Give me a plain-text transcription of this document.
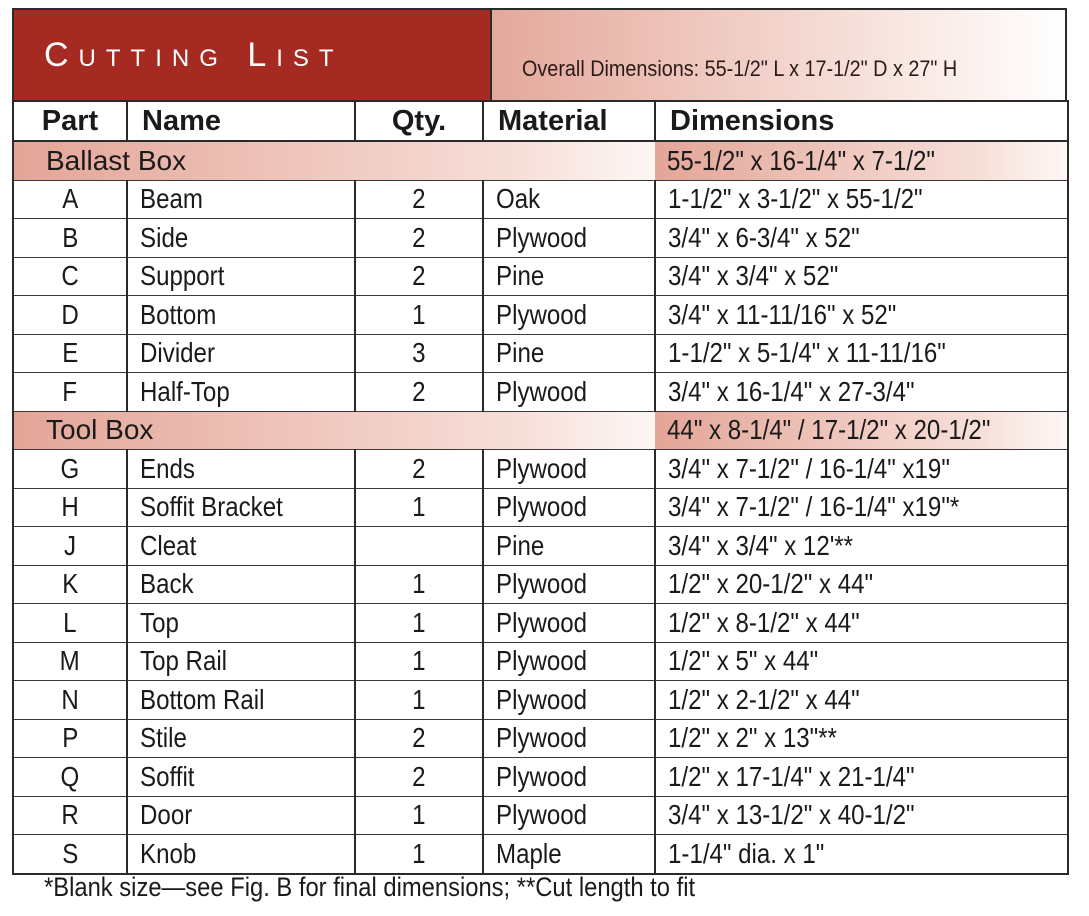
Cutting List	Overall Dimensions: 55-1/2" L x 17-1/2" D x 27" H
Part	Name	Qty.	Material	Dimensions
Ballast Box				55-1/2" x 16-1/4" x 7-1/2"
A	Beam	2	Oak	1-1/2" x 3-1/2" x 55-1/2"
B	Side	2	Plywood	3/4" x 6-3/4" x 52"
C	Support	2	Pine	3/4" x 3/4" x 52"
D	Bottom	1	Plywood	3/4" x 11-11/16" x 52"
E	Divider	3	Pine	1-1/2" x 5-1/4" x 11-11/16"
F	Half-Top	2	Plywood	3/4" x 16-1/4" x 27-3/4"
Tool Box				44" x 8-1/4" / 17-1/2" x 20-1/2"
G	Ends	2	Plywood	3/4" x 7-1/2" / 16-1/4" x19"
H	Soffit Bracket	1	Plywood	3/4" x 7-1/2" / 16-1/4" x19"*
J	Cleat		Pine	3/4" x 3/4" x 12'**
K	Back	1	Plywood	1/2" x 20-1/2" x 44"
L	Top	1	Plywood	1/2" x 8-1/2" x 44"
M	Top Rail	1	Plywood	1/2" x 5" x 44"
N	Bottom Rail	1	Plywood	1/2" x 2-1/2" x 44"
P	Stile	2	Plywood	1/2" x 2" x 13"**
Q	Soffit	2	Plywood	1/2" x 17-1/4" x 21-1/4"
R	Door	1	Plywood	3/4" x 13-1/2" x 40-1/2"
S	Knob	1	Maple	1-1/4" dia. x 1"
*Blank size—see Fig. B for final dimensions; **Cut length to fit
